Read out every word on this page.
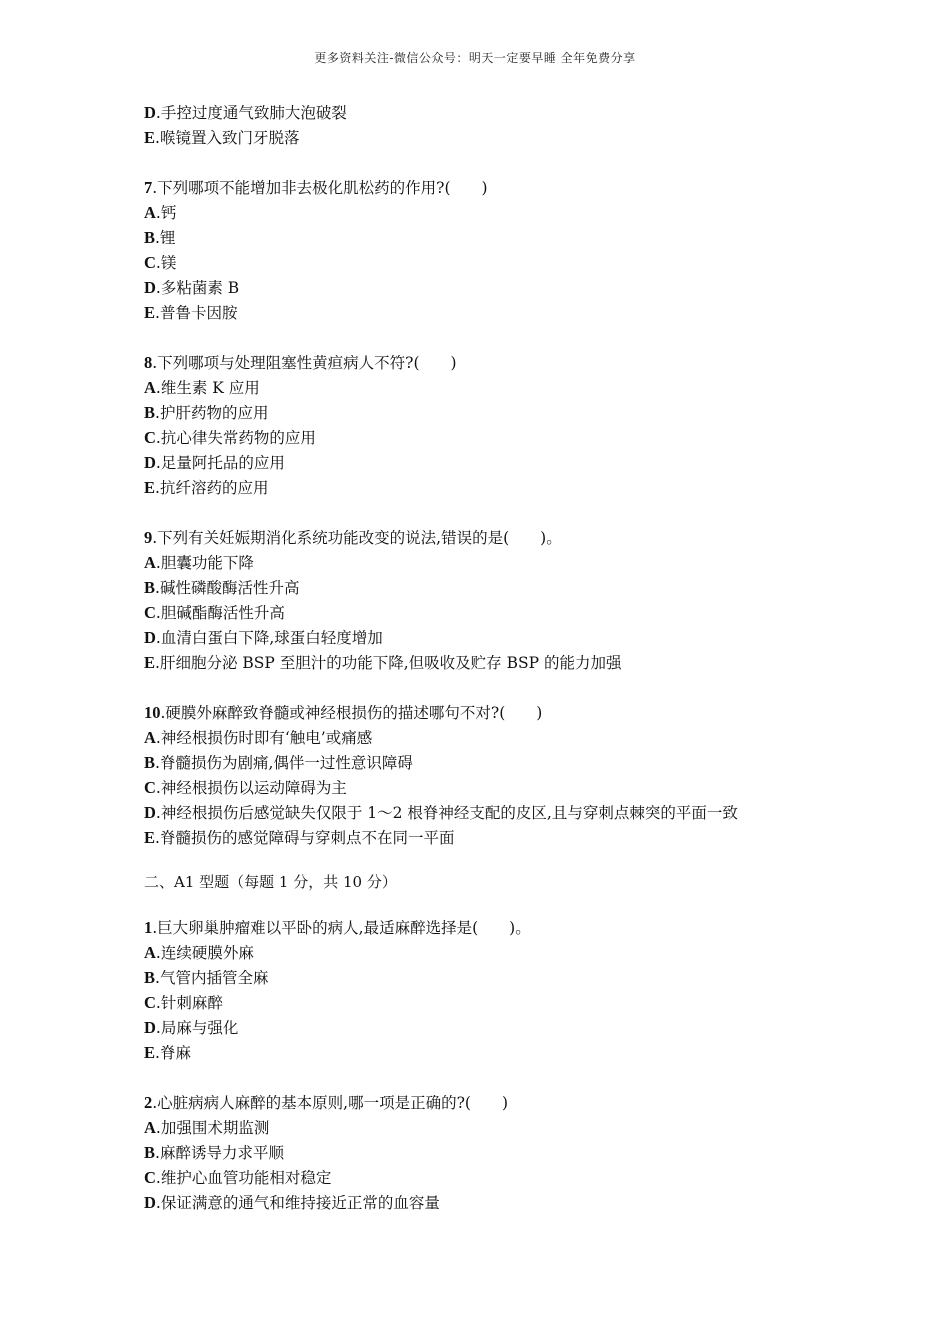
更多资料关注-微信公众号：明天一定要早睡 全年免费分享
D.手控过度通气致肺大泡破裂
E.喉镜置入致门牙脱落
7.下列哪项不能增加非去极化肌松药的作用?(　　)
A.钙
B.锂
C.镁
D.多粘菌素 B
E.普鲁卡因胺
8.下列哪项与处理阻塞性黄疸病人不符?(　　)
A.维生素 K 应用
B.护肝药物的应用
C.抗心律失常药物的应用
D.足量阿托品的应用
E.抗纤溶药的应用
9.下列有关妊娠期消化系统功能改变的说法,错误的是(　　)。
A.胆囊功能下降
B.碱性磷酸酶活性升高
C.胆碱酯酶活性升高
D.血清白蛋白下降,球蛋白轻度增加
E.肝细胞分泌 BSP 至胆汁的功能下降,但吸收及贮存 BSP 的能力加强
10.硬膜外麻醉致脊髓或神经根损伤的描述哪句不对?(　　)
A.神经根损伤时即有‘触电’或痛感
B.脊髓损伤为剧痛,偶伴一过性意识障碍
C.神经根损伤以运动障碍为主
D.神经根损伤后感觉缺失仅限于 1～2 根脊神经支配的皮区,且与穿刺点棘突的平面一致
E.脊髓损伤的感觉障碍与穿刺点不在同一平面
二、A1 型题（每题 1 分，共 10 分）
1.巨大卵巢肿瘤难以平卧的病人,最适麻醉选择是(　　)。
A.连续硬膜外麻
B.气管内插管全麻
C.针刺麻醉
D.局麻与强化
E.脊麻
2.心脏病病人麻醉的基本原则,哪一项是正确的?(　　)
A.加强围术期监测
B.麻醉诱导力求平顺
C.维护心血管功能相对稳定
D.保证满意的通气和维持接近正常的血容量
